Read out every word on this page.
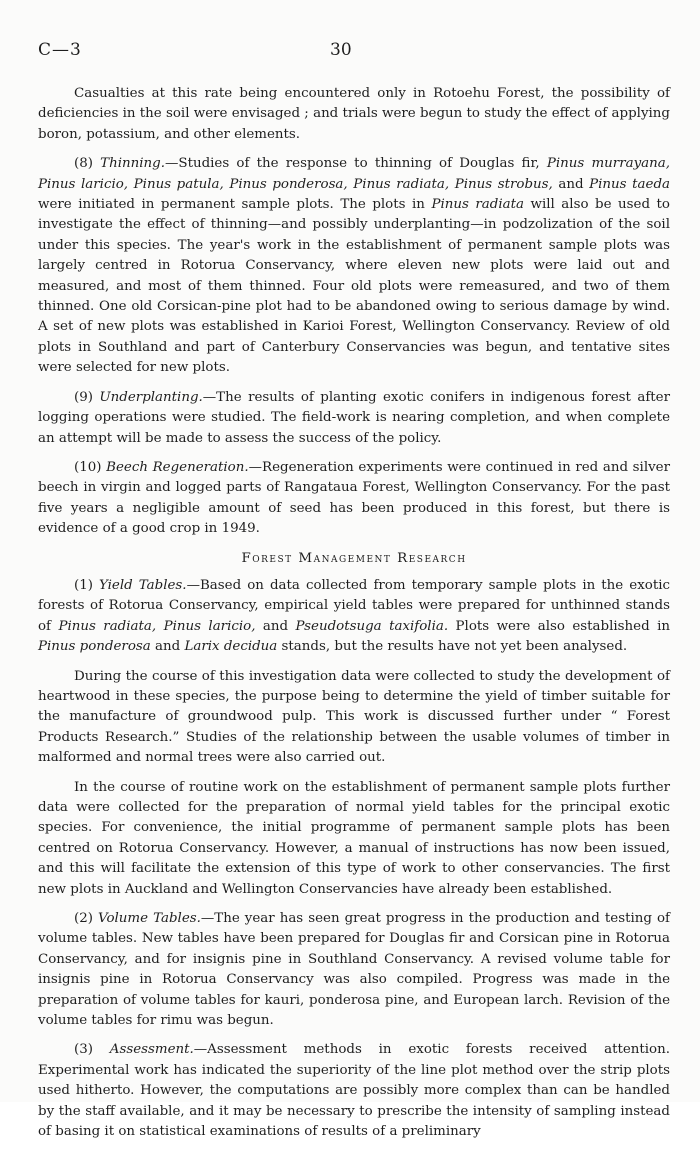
C—3	30

Casualties at this rate being encountered only in Rotoehu Forest, the possibility of deficiencies in the soil were envisaged ; and trials were begun to study the effect of applying boron, potassium, and other elements.

(8) Thinning.—Studies of the response to thinning of Douglas fir, Pinus murrayana, Pinus laricio, Pinus patula, Pinus ponderosa, Pinus radiata, Pinus strobus, and Pinus taeda were initiated in permanent sample plots. The plots in Pinus radiata will also be used to investigate the effect of thinning—and possibly underplanting—in podzolization of the soil under this species. The year's work in the establishment of permanent sample plots was largely centred in Rotorua Conservancy, where eleven new plots were laid out and measured, and most of them thinned. Four old plots were remeasured, and two of them thinned. One old Corsican-pine plot had to be abandoned owing to serious damage by wind. A set of new plots was established in Karioi Forest, Wellington Conservancy. Review of old plots in Southland and part of Canterbury Conservancies was begun, and tentative sites were selected for new plots.

(9) Underplanting.—The results of planting exotic conifers in indigenous forest after logging operations were studied. The field-work is nearing completion, and when complete an attempt will be made to assess the success of the policy.

(10) Beech Regeneration.—Regeneration experiments were continued in red and silver beech in virgin and logged parts of Rangataua Forest, Wellington Conservancy. For the past five years a negligible amount of seed has been produced in this forest, but there is evidence of a good crop in 1949.

Forest Management Research

(1) Yield Tables.—Based on data collected from temporary sample plots in the exotic forests of Rotorua Conservancy, empirical yield tables were prepared for unthinned stands of Pinus radiata, Pinus laricio, and Pseudotsuga taxifolia. Plots were also established in Pinus ponderosa and Larix decidua stands, but the results have not yet been analysed.

During the course of this investigation data were collected to study the development of heartwood in these species, the purpose being to determine the yield of timber suitable for the manufacture of groundwood pulp. This work is discussed further under “ Forest Products Research.” Studies of the relationship between the usable volumes of timber in malformed and normal trees were also carried out.

In the course of routine work on the establishment of permanent sample plots further data were collected for the preparation of normal yield tables for the principal exotic species. For convenience, the initial programme of permanent sample plots has been centred on Rotorua Conservancy. However, a manual of instructions has now been issued, and this will facilitate the extension of this type of work to other conservancies. The first new plots in Auckland and Wellington Conservancies have already been established.

(2) Volume Tables.—The year has seen great progress in the production and testing of volume tables. New tables have been prepared for Douglas fir and Corsican pine in Rotorua Conservancy, and for insignis pine in Southland Conservancy. A revised volume table for insignis pine in Rotorua Conservancy was also compiled. Progress was made in the preparation of volume tables for kauri, ponderosa pine, and European larch. Revision of the volume tables for rimu was begun.

(3) Assessment.—Assessment methods in exotic forests received attention. Experimental work has indicated the superiority of the line plot method over the strip plots used hitherto. However, the computations are possibly more complex than can be handled by the staff available, and it may be necessary to prescribe the intensity of sampling instead of basing it on statistical examinations of results of a preliminary
